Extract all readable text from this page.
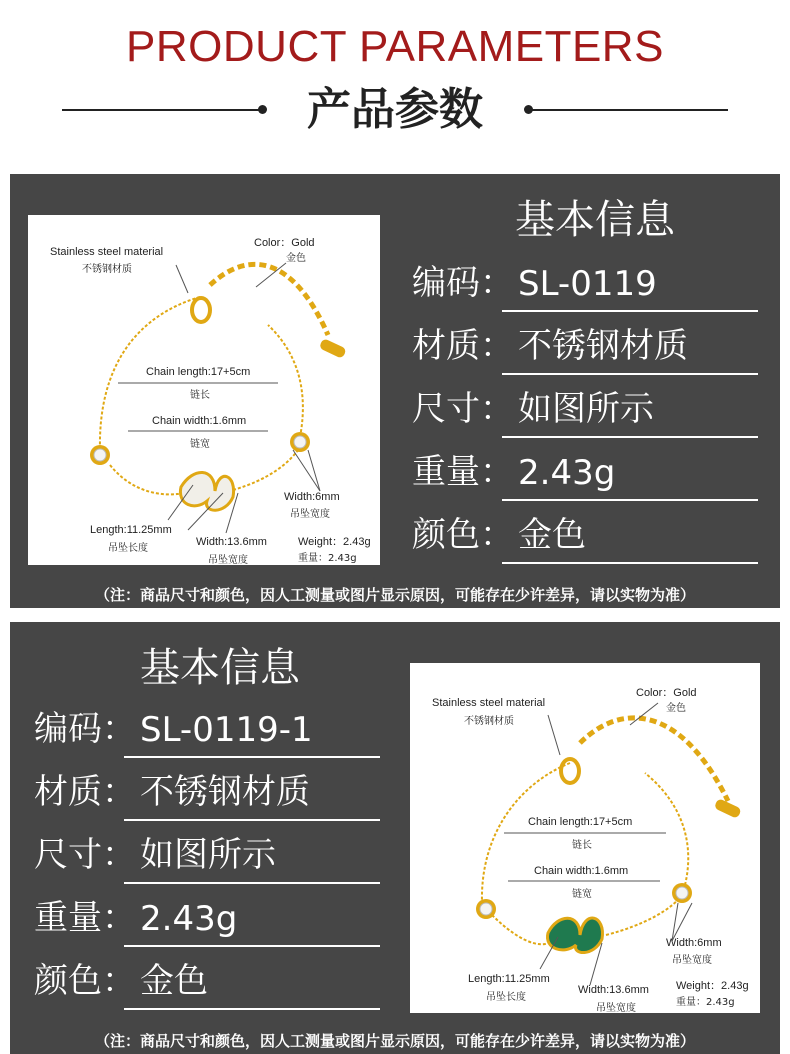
PRODUCT PARAMETERS
产品参数
Stainless steel material
不锈钢材质
Color：Gold
金色
Chain length:17+5cm
链长
Chain width:1.6mm
链宽
Width:6mm
吊坠宽度
Length:11.25mm
吊坠长度
Width:13.6mm
吊坠宽度
Weight：2.43g
重量：2.43g
基本信息
编码： SL-0119
材质： 不锈钢材质
尺寸： 如图所示
重量： 2.43g
颜色： 金色
（注：商品尺寸和颜色，因人工测量或图片显示原因，可能存在少许差异，请以实物为准）
基本信息
编码： SL-0119-1
材质： 不锈钢材质
尺寸： 如图所示
重量： 2.43g
颜色： 金色
Stainless steel material
不锈钢材质
Color：Gold
金色
Chain length:17+5cm
链长
Chain width:1.6mm
链宽
Width:6mm
吊坠宽度
Length:11.25mm
吊坠长度
Width:13.6mm
吊坠宽度
Weight：2.43g
重量：2.43g
（注：商品尺寸和颜色，因人工测量或图片显示原因，可能存在少许差异，请以实物为准）
